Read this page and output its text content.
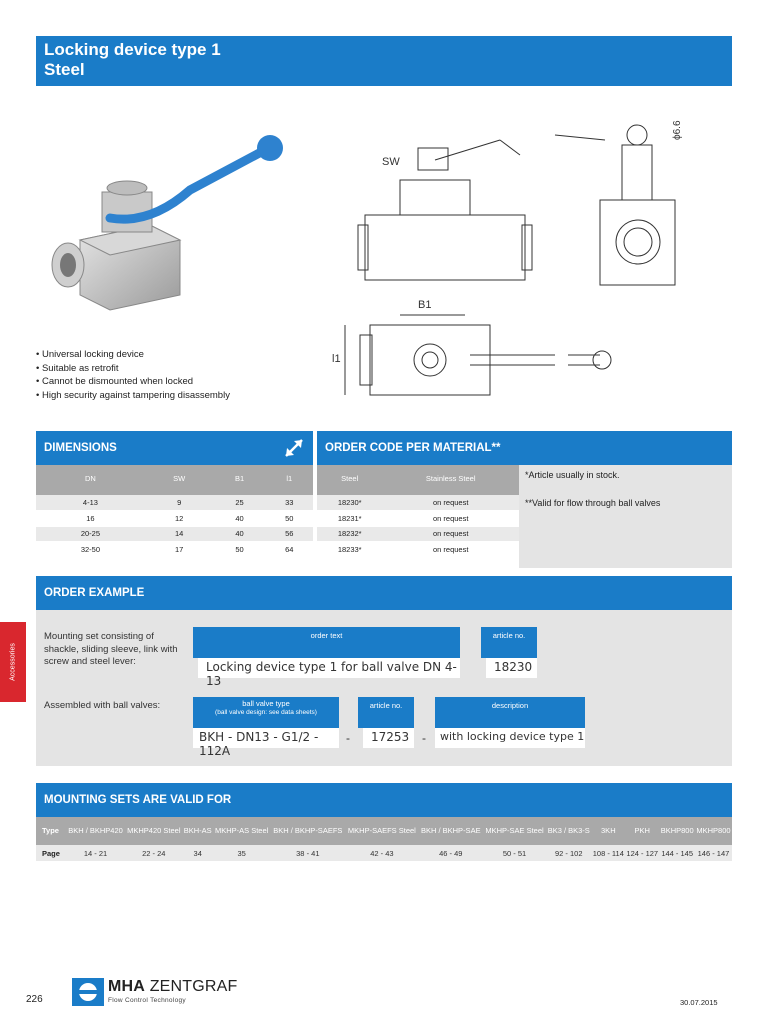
Locking device type 1
Steel
SW
ϕ6.6
B1
l1
• Universal locking device
• Suitable as retrofit
• Cannot be dismounted when locked
• High security against tampering disassembly
Accessories
DIMENSIONS
DN	SW	B1	l1
4-13	9	25	33
16	12	40	50
20-25	14	40	56
32-50	17	50	64
ORDER CODE PER MATERIAL**
Steel	Stainless Steel
18230*	on request
18231*	on request
18232*	on request
18233*	on request

*Article usually in stock.

**Valid for flow through ball valves

ORDER EXAMPLE
Mounting set consisting of shackle, sliding sleeve, link with screw and steel lever:
order text
Locking device type 1 for ball valve DN 4-13
article no.
18230
Assembled with ball valves:	ball valve type
(ball valve design: see data sheets)
BKH - DN13 - G1/2 - 112A
-
article no.
17253	-
description
with locking device type 1
MOUNTING SETS ARE VALID FOR
Type	BKH / BKHP420	MKHP420 Steel	BKH-AS	MKHP-AS Steel	BKH / BKHP-SAEFS	MKHP-SAEFS Steel	BKH / BKHP-SAE	MKHP-SAE Steel	BK3 / BK3-S	3KH	PKH	BKHP800	MKHP800
Page	14 - 21	22 - 24	34	35	38 - 41	42 - 43	46 - 49	50 - 51	92 - 102	108 - 114	124 - 127	144 - 145	146 - 147
226
MHA ZENTGRAF
Flow Control Technology	30.07.2015
